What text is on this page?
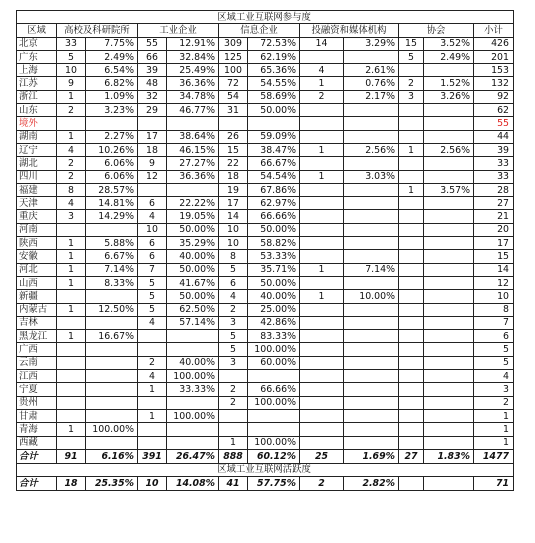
区域工业互联网参与度											
区域	高校及科研院所		工业企业		信息企业		投融资和媒体机构		协会		小计
北京	33	7.75%	55	12.91%	309	72.53%	14	3.29%	15	3.52%	426
广东	5	2.49%	66	32.84%	125	62.19%			5	2.49%	201
上海	10	6.54%	39	25.49%	100	65.36%	4	2.61%			153
江苏	9	6.82%	48	36.36%	72	54.55%	1	0.76%	2	1.52%	132
浙江	1	1.09%	32	34.78%	54	58.69%	2	2.17%	3	3.26%	92
山东	2	3.23%	29	46.77%	31	50.00%					62
境外											55
湖南	1	2.27%	17	38.64%	26	59.09%					44
辽宁	4	10.26%	18	46.15%	15	38.47%	1	2.56%	1	2.56%	39
湖北	2	6.06%	9	27.27%	22	66.67%					33
四川	2	6.06%	12	36.36%	18	54.54%	1	3.03%			33
福建	8	28.57%			19	67.86%			1	3.57%	28
天津	4	14.81%	6	22.22%	17	62.97%					27
重庆	3	14.29%	4	19.05%	14	66.66%					21
河南			10	50.00%	10	50.00%					20
陕西	1	5.88%	6	35.29%	10	58.82%					17
安徽	1	6.67%	6	40.00%	8	53.33%					15
河北	1	7.14%	7	50.00%	5	35.71%	1	7.14%			14
山西	1	8.33%	5	41.67%	6	50.00%					12
新疆			5	50.00%	4	40.00%	1	10.00%			10
内蒙古	1	12.50%	5	62.50%	2	25.00%					8
吉林			4	57.14%	3	42.86%					7
黑龙江	1	16.67%			5	83.33%					6
广西					5	100.00%					5
云南			2	40.00%	3	60.00%					5
江西			4	100.00%							4
宁夏			1	33.33%	2	66.66%					3
贵州					2	100.00%					2
甘肃			1	100.00%							1
青海	1	100.00%									1
西藏					1	100.00%					1
合计	91	6.16%	391	26.47%	888	60.12%	25	1.69%	27	1.83%	1477
区域工业互联网活跃度											
合计	18	25.35%	10	14.08%	41	57.75%	2	2.82%			71
